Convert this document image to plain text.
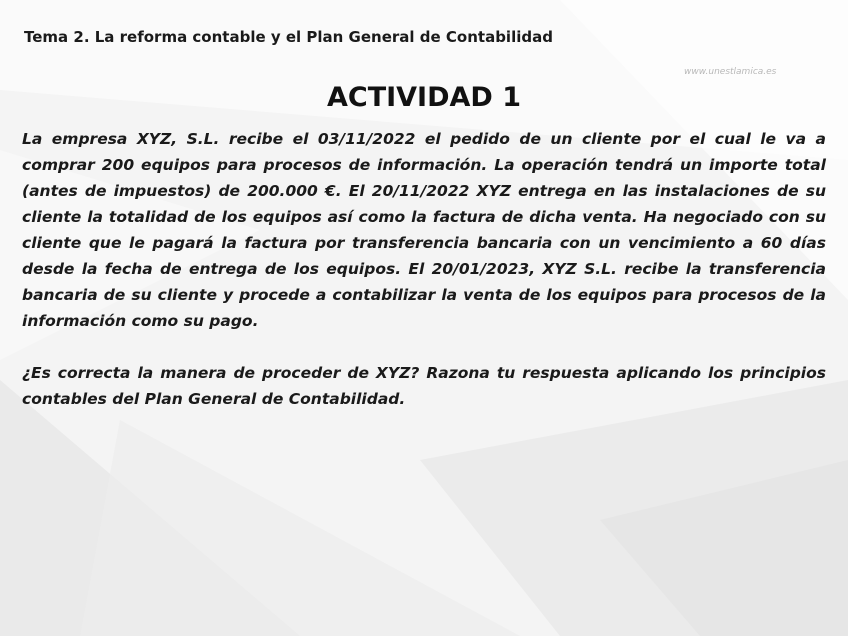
Tema 2. La reforma contable y el Plan General de Contabilidad
www.unestlamica.es
ACTIVIDAD 1

La empresa XYZ, S.L. recibe el 03/11/2022 el pedido de un cliente por el cual le va a comprar 200 equipos para procesos de información. La operación tendrá un importe total (antes de impuestos) de 200.000 €. El 20/11/2022 XYZ entrega en las instalaciones de su cliente la totalidad de los equipos así como la factura de dicha venta. Ha negociado con su cliente que le pagará la factura por transferencia bancaria con un vencimiento a 60 días desde la fecha de entrega de los equipos. El 20/01/2023, XYZ S.L. recibe la transferencia bancaria de su cliente y procede a contabilizar la venta de los equipos para procesos de la información como su pago.

¿Es correcta la manera de proceder de XYZ? Razona tu respuesta aplicando los principios contables del Plan General de Contabilidad.
